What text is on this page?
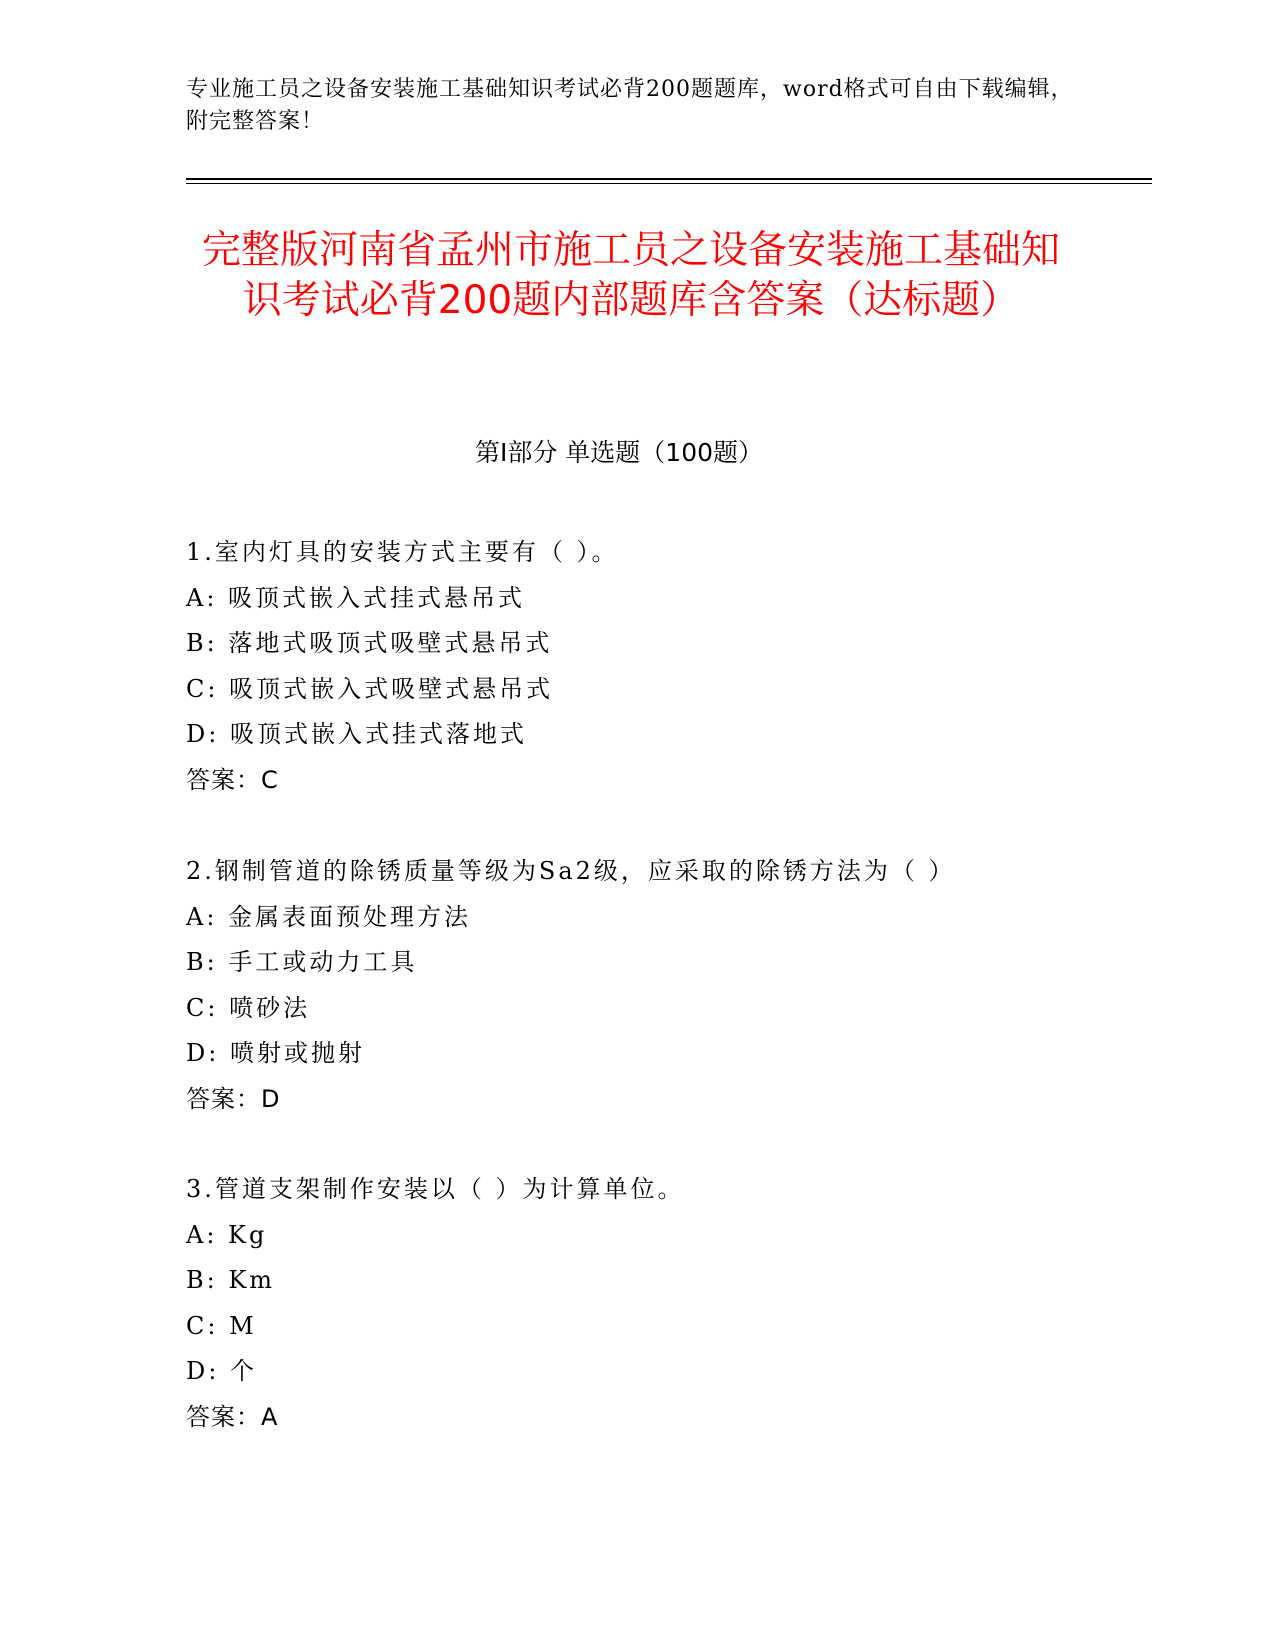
专业施工员之设备安装施工基础知识考试必背200题题库，word格式可自由下载编辑，附完整答案！
完整版河南省孟州市施工员之设备安装施工基础知识考试必背200题内部题库含答案（达标题）
第I部分 单选题（100题）
1.室内灯具的安装方式主要有（ ）。
A: 吸顶式嵌入式挂式悬吊式
B: 落地式吸顶式吸壁式悬吊式
C: 吸顶式嵌入式吸壁式悬吊式
D: 吸顶式嵌入式挂式落地式
答案：C
2.钢制管道的除锈质量等级为Sa2级，应采取的除锈方法为（ ）
A: 金属表面预处理方法
B: 手工或动力工具
C: 喷砂法
D: 喷射或抛射
答案：D
3.管道支架制作安装以（ ）为计算单位。
A: Kg
B: Km
C: M
D: 个
答案：A
